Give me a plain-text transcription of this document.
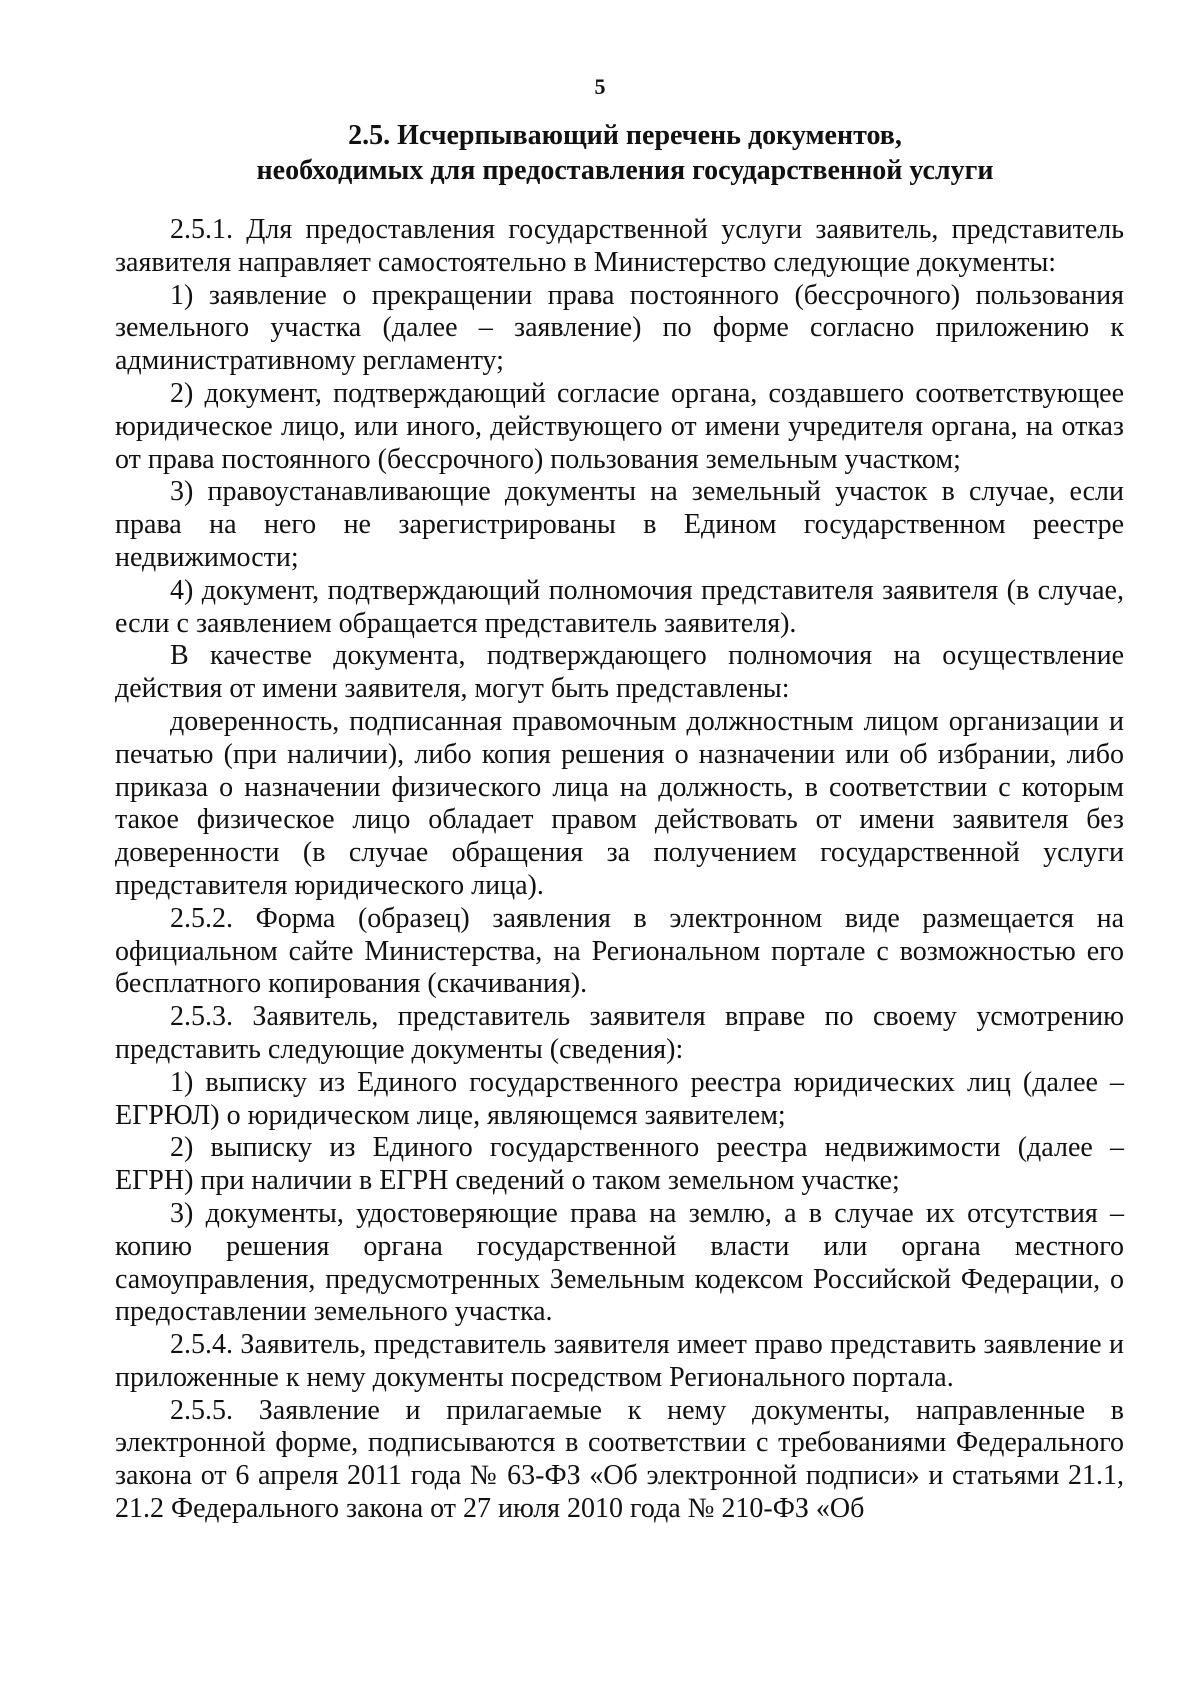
5
2.5. Исчерпывающий перечень документов,
необходимых для предоставления государственной услуги

2.5.1. Для предоставления государственной услуги заявитель, представитель заявителя направляет самостоятельно в Министерство следующие документы:

1) заявление о прекращении права постоянного (бессрочного) пользования земельного участка (далее – заявление) по форме согласно приложению к административному регламенту;

2) документ, подтверждающий согласие органа, создавшего соответствующее юридическое лицо, или иного, действующего от имени учредителя органа, на отказ от права постоянного (бессрочного) пользования земельным участком;

3) правоустанавливающие документы на земельный участок в случае, если права на него не зарегистрированы в Едином государственном реестре недвижимости;

4) документ, подтверждающий полномочия представителя заявителя (в случае, если с заявлением обращается представитель заявителя).

В качестве документа, подтверждающего полномочия на осуществление действия от имени заявителя, могут быть представлены:

доверенность, подписанная правомочным должностным лицом организации и печатью (при наличии), либо копия решения о назначении или об избрании, либо приказа о назначении физического лица на должность, в соответствии с которым такое физическое лицо обладает правом действовать от имени заявителя без доверенности (в случае обращения за получением государственной услуги представителя юридического лица).

2.5.2. Форма (образец) заявления в электронном виде размещается на официальном сайте Министерства, на Региональном портале с возможностью его бесплатного копирования (скачивания).

2.5.3. Заявитель, представитель заявителя вправе по своему усмотрению представить следующие документы (сведения):

1) выписку из Единого государственного реестра юридических лиц (далее – ЕГРЮЛ) о юридическом лице, являющемся заявителем;

2) выписку из Единого государственного реестра недвижимости (далее – ЕГРН) при наличии в ЕГРН сведений о таком земельном участке;

3) документы, удостоверяющие права на землю, а в случае их отсутствия – копию решения органа государственной власти или органа местного самоуправления, предусмотренных Земельным кодексом Российской Федерации, о предоставлении земельного участка.

2.5.4. Заявитель, представитель заявителя имеет право представить заявление и приложенные к нему документы посредством Регионального портала.

2.5.5. Заявление и прилагаемые к нему документы, направленные в электронной форме, подписываются в соответствии с требованиями Федерального закона от 6 апреля 2011 года № 63-ФЗ «Об электронной подписи» и статьями 21.1, 21.2 Федерального закона от 27 июля 2010 года № 210-ФЗ «Об
